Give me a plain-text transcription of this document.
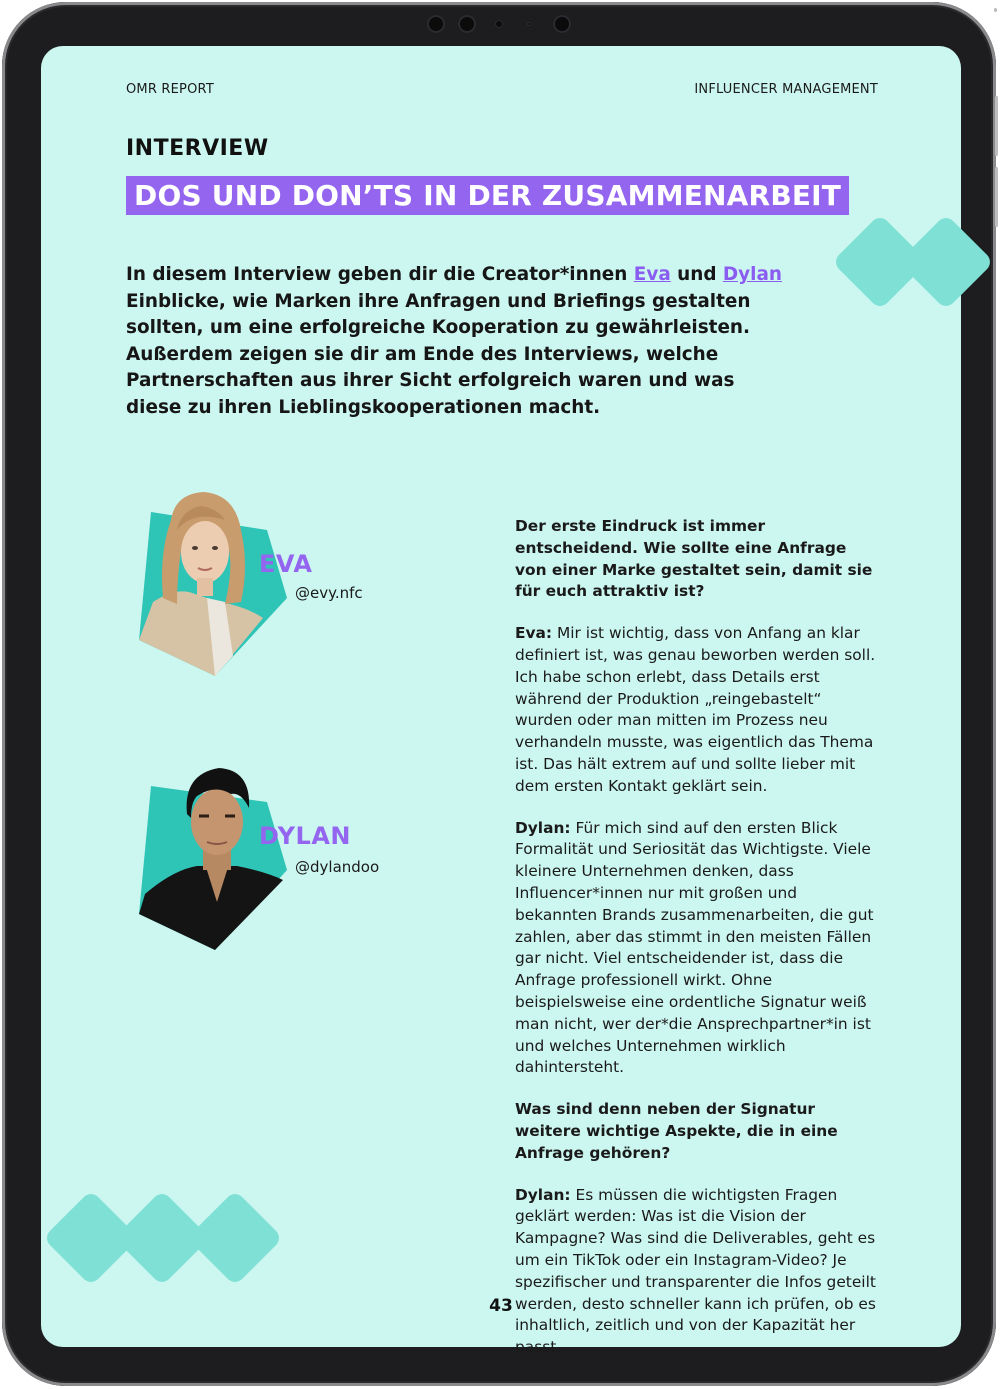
OMR REPORT	INFLUENCER MANAGEMENT
INTERVIEW
DOS UND DON’TS IN DER ZUSAMMENARBEIT
In diesem Interview geben dir die Creator*innen Eva und Dylan Einblicke, wie Marken ihre Anfragen und Briefings gestalten sollten, um eine erfolgreiche Kooperation zu gewährleisten. Außerdem zeigen sie dir am Ende des Interviews, welche Partnerschaften aus ihrer Sicht erfolgreich waren und was diese zu ihren Lieblingskooperationen macht.
EVA
@evy.nfc
DYLAN
@dylandoo

Der erste Eindruck ist immer entscheidend. Wie sollte eine Anfrage von einer Marke gestaltet sein, damit sie für euch attraktiv ist?

Eva: Mir ist wichtig, dass von Anfang an klar definiert ist, was genau beworben werden soll. Ich habe schon erlebt, dass Details erst während der Produktion „reingebastelt“ wurden oder man mitten im Prozess neu verhandeln musste, was eigentlich das Thema ist. Das hält extrem auf und sollte lieber mit dem ersten Kontakt geklärt sein.

Dylan: Für mich sind auf den ersten Blick Formalität und Seriosität das Wichtigste. Viele kleinere Unternehmen denken, dass Influencer*innen nur mit großen und bekannten Brands zusammenarbeiten, die gut zahlen, aber das stimmt in den meisten Fällen gar nicht. Viel entscheidender ist, dass die Anfrage professionell wirkt. Ohne beispielsweise eine ordentliche Signatur weiß man nicht, wer der*die Ansprechpartner*in ist und welches Unternehmen wirklich dahintersteht.

Was sind denn neben der Signatur weitere wichtige Aspekte, die in eine Anfrage gehören?

Dylan: Es müssen die wichtigsten Fragen geklärt werden: Was ist die Vision der Kampagne? Was sind die Deliverables, geht es um ein TikTok oder ein Instagram-Video? Je spezifischer und transparenter die Infos geteilt werden, desto schneller kann ich prüfen, ob es inhaltlich, zeitlich und von der Kapazität her passt.

43
